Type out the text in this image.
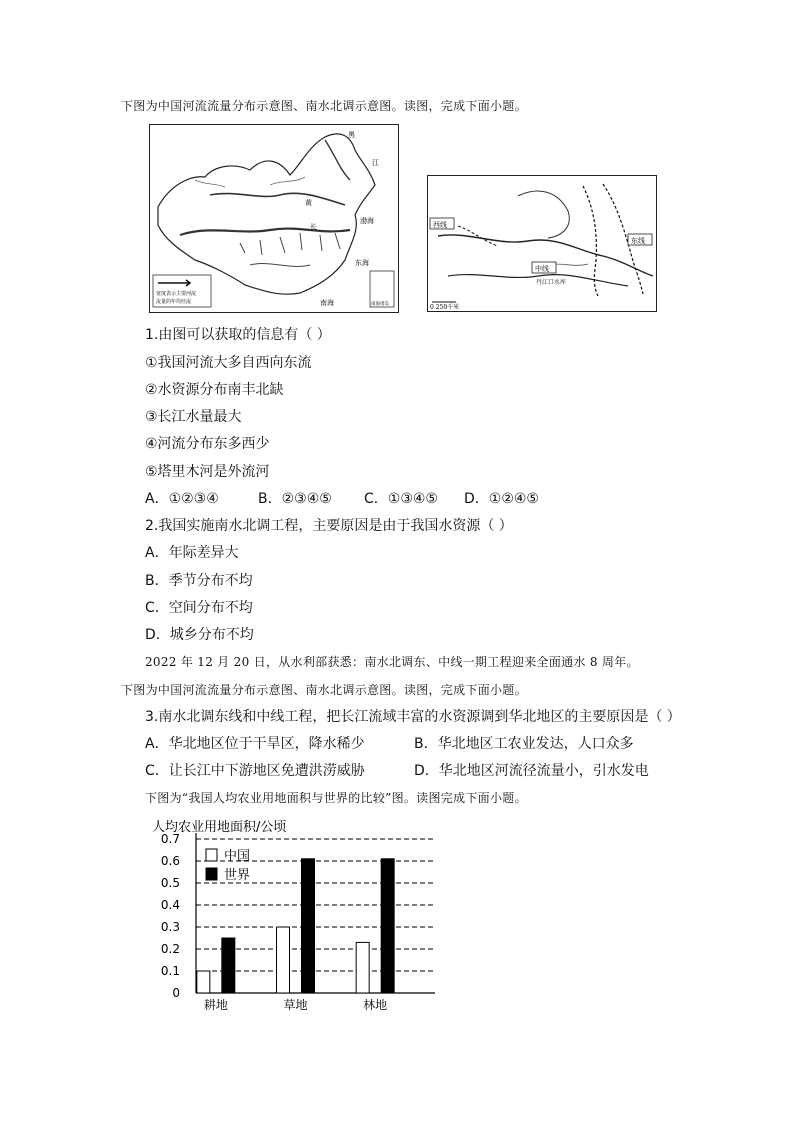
下图为中国河流流量分布示意图、南水北调示意图。读图，完成下面小题。
黑
江
黄
长
渤海
东海
南海
宽度表示主要河流
流量的年均径流	南海诸岛
西线
中线
东线
丹江口水库
0 250千米
1.由图可以获取的信息有（ ）
①我国河流大多自西向东流
②水资源分布南丰北缺
③长江水量最大
④河流分布东多西少
⑤塔里木河是外流河
A．①②③④	B．②③④⑤ C．①③④⑤ D．①②④⑤
2.我国实施南水北调工程，主要原因是由于我国水资源（ ）
A．年际差异大
B．季节分布不均
C．空间分布不均
D．城乡分布不均
2022 年 12 月 20 日，从水利部获悉：南水北调东、中线一期工程迎来全面通水 8 周年。
下图为中国河流流量分布示意图、南水北调示意图。读图，完成下面小题。
3.南水北调东线和中线工程，把长江流域丰富的水资源调到华北地区的主要原因是（ ）
A．华北地区位于干旱区，降水稀少	B．华北地区工农业发达，人口众多
C．让长江中下游地区免遭洪涝威胁	D．华北地区河流径流量小，引水发电
下图为“我国人均农业用地面积与世界的比较”图。读图完成下面小题。
人均农业用地面积/公顷
0
0.1
0.2
0.3
0.4
0.5
0.6
0.7
耕地	草地	林地
中国
世界
